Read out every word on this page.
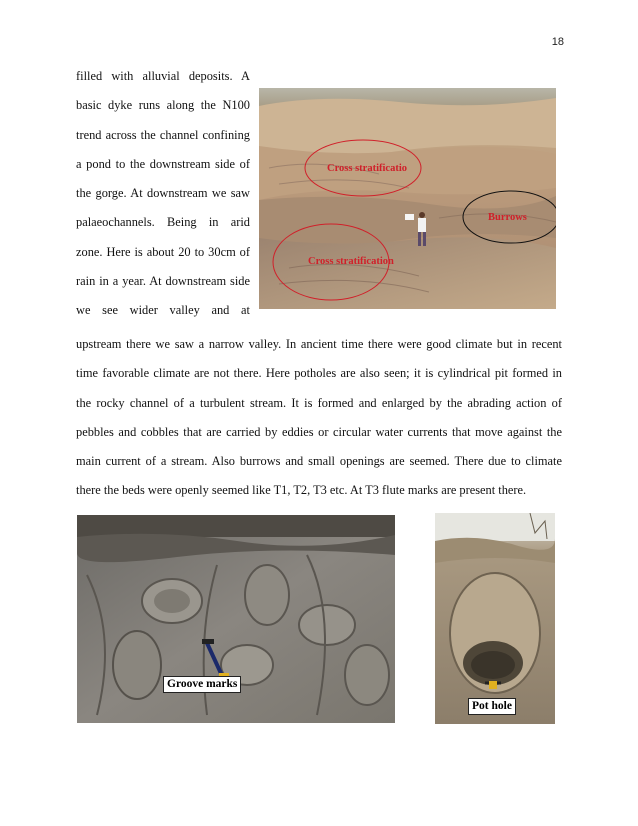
18
filled with alluvial deposits. A
basic dyke runs along the N100
trend across the channel confining
a pond to the downstream side of
the gorge. At downstream we saw
palaeochannels. Being in arid
zone. Here is about 20 to 30cm of
rain in a year. At downstream side
we see wider valley and at
Cross stratificatio
Burrows
Cross stratification
upstream there we saw a narrow valley. In ancient time there were good climate but in recent
time favorable climate are not there. Here potholes are also seen; it is cylindrical pit formed in
the rocky channel of a turbulent stream. It is formed and enlarged by the abrading action of
pebbles and cobbles that are carried by eddies or circular water currents that move against the
main current of a stream. Also burrows and small openings are seemed. There due to climate
there the beds were openly seemed like T1, T2, T3 etc. At T3 flute marks are present there.
Groove marks
Pot hole
